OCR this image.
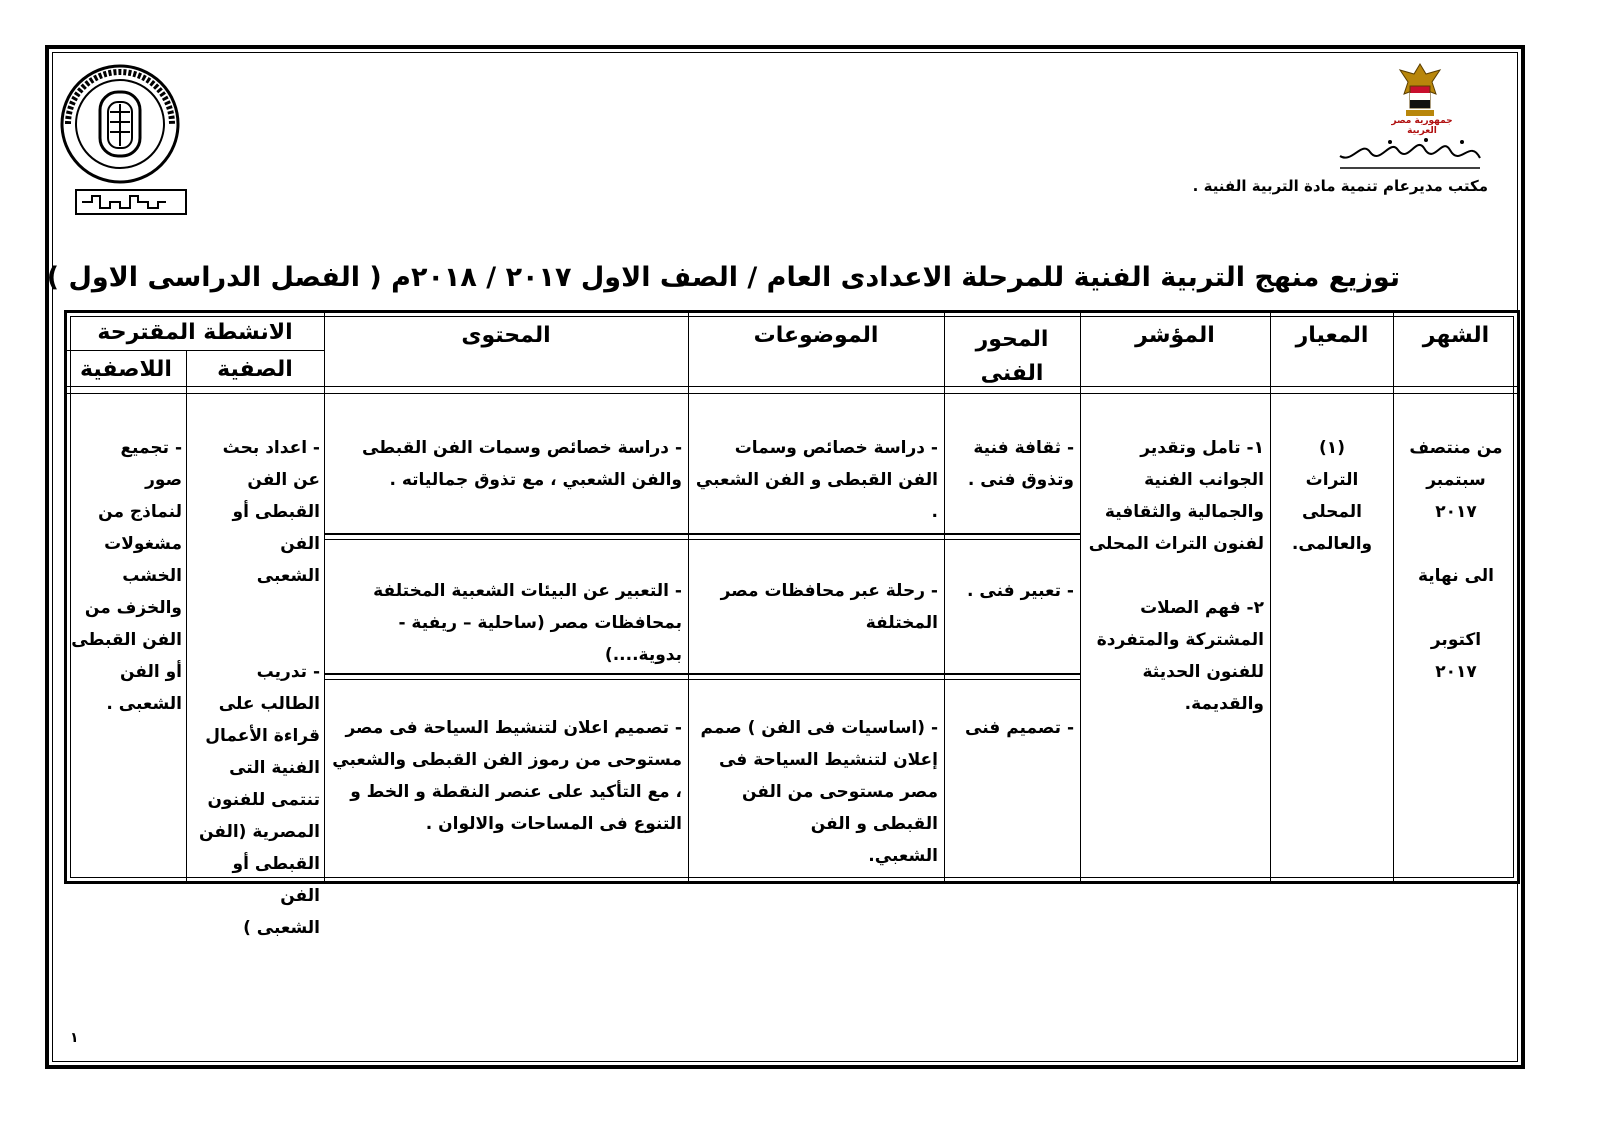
جمهورية مصر العربية
مكتب مديرعام تنمية مادة التربية الفنية .
توزيع منهج التربية الفنية للمرحلة الاعدادى العام / الصف الاول ٢٠١٧ / ٢٠١٨م ( الفصل الدراسى الاول )
الشهر
المعيار
المؤشر
المحور
الفنى
الموضوعات
المحتوى
الانشطة المقترحة
الصفية
اللاصفية
من منتصف
سبتمبر
٢٠١٧

الى نهاية

اكتوبر
٢٠١٧
(١)
التراث
المحلى
والعالمى.
١- تامل وتقدير
الجوانب الفنية
والجمالية والثقافية
لفنون التراث المحلى

٢- فهم الصلات
المشتركة والمتفردة
للفنون الحديثة
والقديمة.
- ثقافة فنية
وتذوق فنى .
- دراسة خصائص وسمات
الفن القبطى و الفن الشعبي .
- دراسة خصائص وسمات الفن القبطى
والفن الشعبي ، مع تذوق جمالياته .
- تعبير فنى .
- رحلة عبر محافظات مصر
المختلفة
- التعبير عن البيئات الشعبية المختلفة
بمحافظات مصر (ساحلية – ريفية -
بدوية....)
- تصميم فنى
- (اساسيات فى الفن ) صمم
إعلان لتنشيط السياحة فى
مصر مستوحى من الفن
القبطى و الفن
الشعبي.
- تصميم اعلان لتنشيط السياحة فى مصر
مستوحى من رموز الفن القبطى والشعبي
، مع التأكيد على عنصر النقطة و الخط و
التنوع فى المساحات والالوان .
- اعداد بحث
عن الفن
القبطى أو الفن
الشعبى

- تدريب
الطالب على
قراءة الأعمال
الفنية التى
تنتمى للفنون
المصرية (الفن
القبطى أو الفن
الشعبى )
- تجميع
صور
لنماذج من
مشغولات
الخشب
والخزف من
الفن القبطى
أو الفن
الشعبى .
١
